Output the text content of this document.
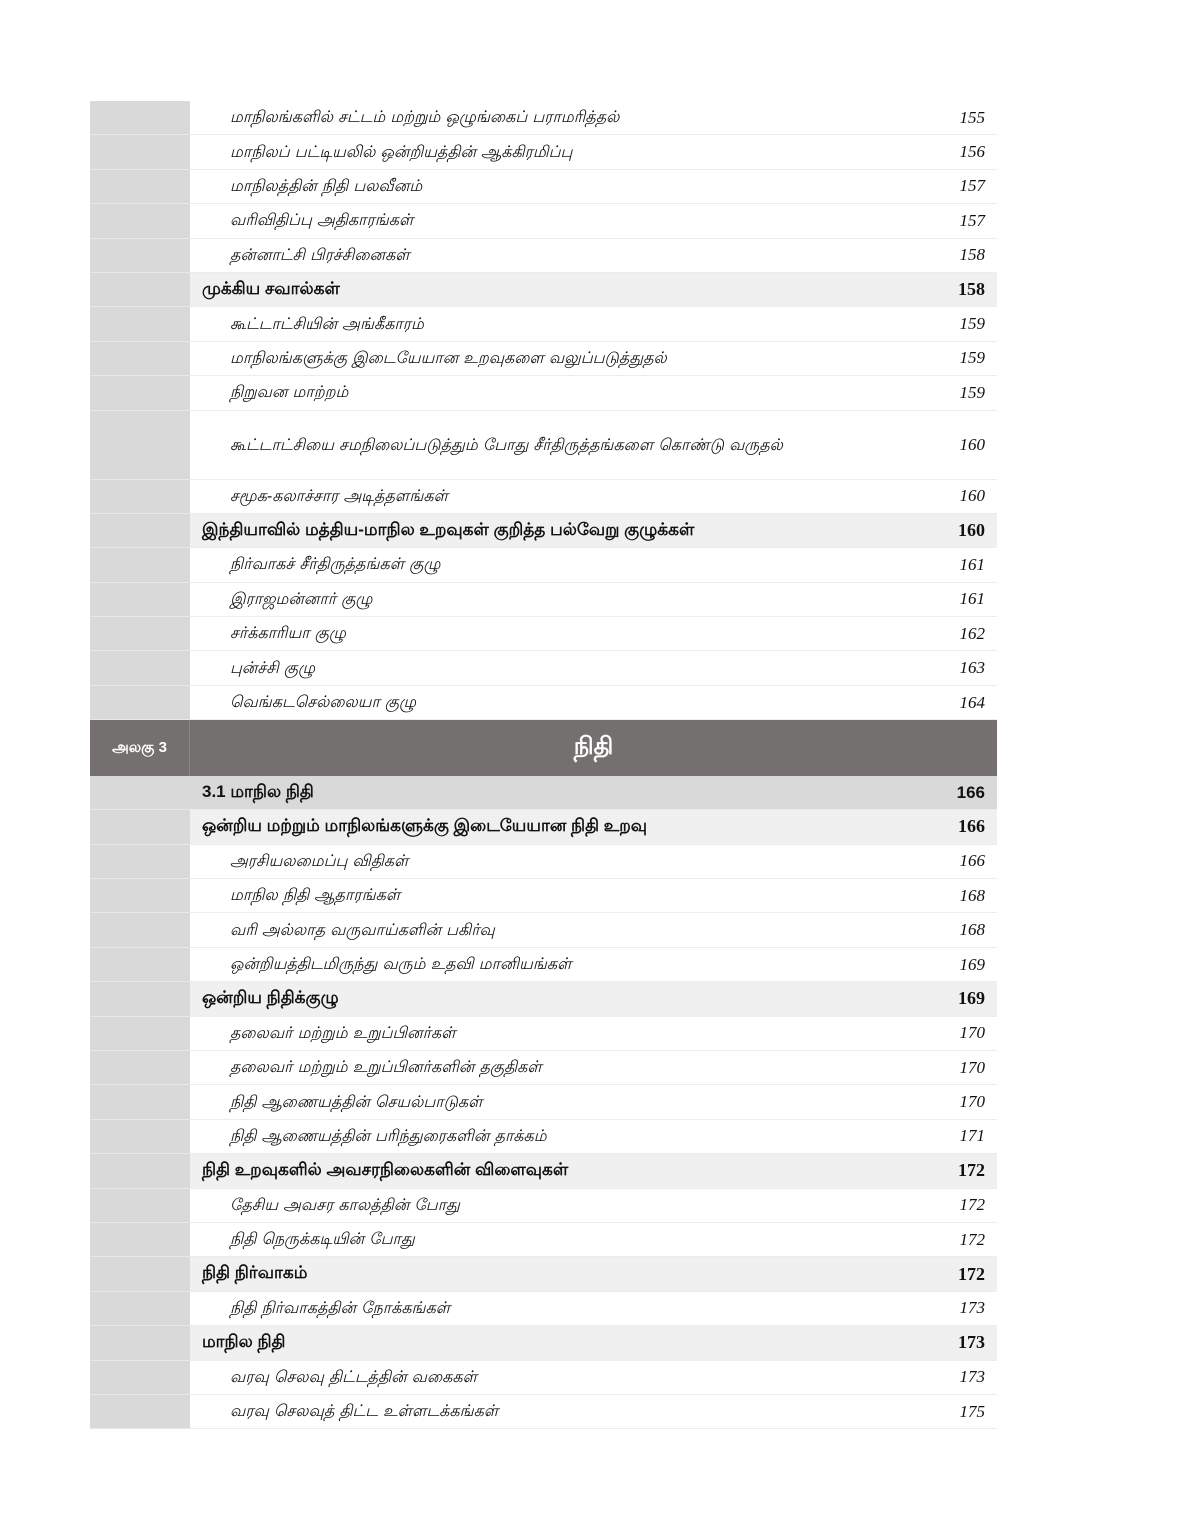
மாநிலங்களில் சட்டம் மற்றும் ஒழுங்கைப் பராமரித்தல்	155
மாநிலப் பட்டியலில் ஒன்றியத்தின் ஆக்கிரமிப்பு	156
மாநிலத்தின் நிதி பலவீனம்	157
வரிவிதிப்பு அதிகாரங்கள்	157
தன்னாட்சி பிரச்சினைகள்	158
முக்கிய சவால்கள்	158
கூட்டாட்சியின் அங்கீகாரம்	159
மாநிலங்களுக்கு இடையேயான உறவுகளை வலுப்படுத்துதல்	159
நிறுவன மாற்றம்	159
கூட்டாட்சியை சமநிலைப்படுத்தும் போது சீர்திருத்தங்களை கொண்டு வருதல்	160
சமூக-கலாச்சார அடித்தளங்கள்	160
இந்தியாவில் மத்திய-மாநில உறவுகள் குறித்த பல்வேறு குழுக்கள்	160
நிர்வாகச் சீர்திருத்தங்கள் குழு	161
இராஜமன்னார் குழு	161
சர்க்காரியா குழு	162
புன்ச்சி குழு	163
வெங்கடசெல்லையா குழு	164
அலகு 3	நிதி
3.1 மாநில நிதி	166
ஒன்றிய மற்றும் மாநிலங்களுக்கு இடையேயான நிதி உறவு	166
அரசியலமைப்பு விதிகள்	166
மாநில நிதி ஆதாரங்கள்	168
வரி அல்லாத வருவாய்களின் பகிர்வு	168
ஒன்றியத்திடமிருந்து வரும் உதவி மானியங்கள்	169
ஒன்றிய நிதிக்குழு	169
தலைவர் மற்றும் உறுப்பினர்கள்	170
தலைவர் மற்றும் உறுப்பினர்களின் தகுதிகள்	170
நிதி ஆணையத்தின் செயல்பாடுகள்	170
நிதி ஆணையத்தின் பரிந்துரைகளின் தாக்கம்	171
நிதி உறவுகளில் அவசரநிலைகளின் விளைவுகள்	172
தேசிய அவசர காலத்தின் போது	172
நிதி நெருக்கடியின் போது	172
நிதி நிர்வாகம்	172
நிதி நிர்வாகத்தின் நோக்கங்கள்	173
மாநில நிதி	173
வரவு செலவு திட்டத்தின் வகைகள்	173
வரவு செலவுத் திட்ட உள்ளடக்கங்கள்	175
